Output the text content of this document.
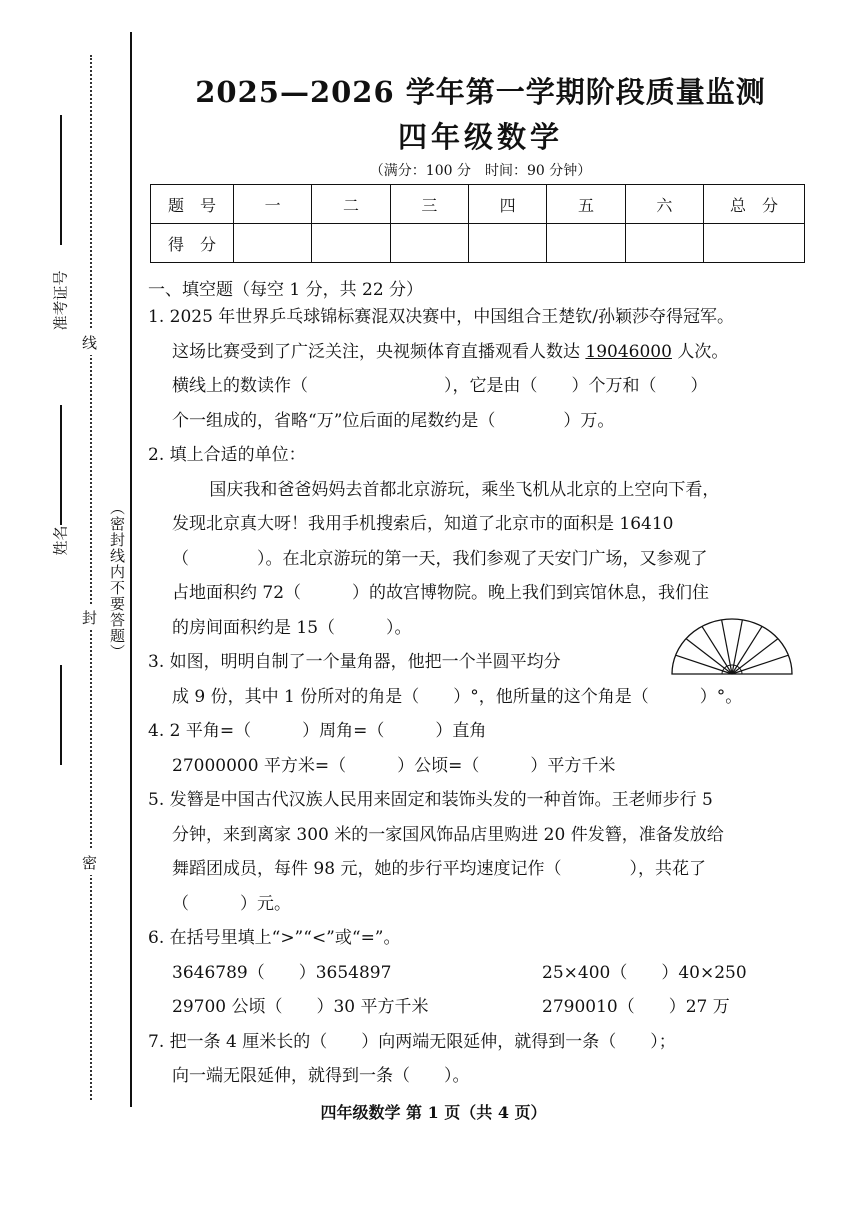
准考证号
线
姓名
封 （密封线内不要答题）
密
2025—2026 学年第一学期阶段质量监测
四年级数学
（满分：100 分　时间：90 分钟）
题　号	一	二	三	四	五	六	总　分
得　分							
一、填空题（每空 1 分，共 22 分）
1. 2025 年世界乒乓球锦标赛混双决赛中，中国组合王楚钦/孙颖莎夺得冠军。
这场比赛受到了广泛关注，央视频体育直播观看人数达 19046000 人次。
横线上的数读作（　　　　　　　　），它是由（　　）个万和（　　）
个一组成的，省略“万”位后面的尾数约是（　　　　）万。
2. 填上合适的单位：
国庆我和爸爸妈妈去首都北京游玩，乘坐飞机从北京的上空向下看，
发现北京真大呀！我用手机搜索后，知道了北京市的面积是 16410
（　　　　）。在北京游玩的第一天，我们参观了天安门广场，又参观了
占地面积约 72（　　　）的故宫博物院。晚上我们到宾馆休息，我们住
的房间面积约是 15（　　　）。
3. 如图，明明自制了一个量角器，他把一个半圆平均分
成 9 份，其中 1 份所对的角是（　　）°，他所量的这个角是（　　　）°。
4. 2 平角=（　　　）周角=（　　　）直角
27000000 平方米=（　　　）公顷=（　　　）平方千米
5. 发簪是中国古代汉族人民用来固定和装饰头发的一种首饰。王老师步行 5
分钟，来到离家 300 米的一家国风饰品店里购进 20 件发簪，准备发放给
舞蹈团成员，每件 98 元，她的步行平均速度记作（　　　　），共花了
（　　　）元。
6. 在括号里填上“>”“<”或“=”。
3646789（　　）3654897	25×400（　　）40×250
29700 公顷（　　）30 平方千米	2790010（　　）27 万
7. 把一条 4 厘米长的（　　）向两端无限延伸，就得到一条（　　）；
向一端无限延伸，就得到一条（　　）。
四年级数学 第 1 页（共 4 页）
